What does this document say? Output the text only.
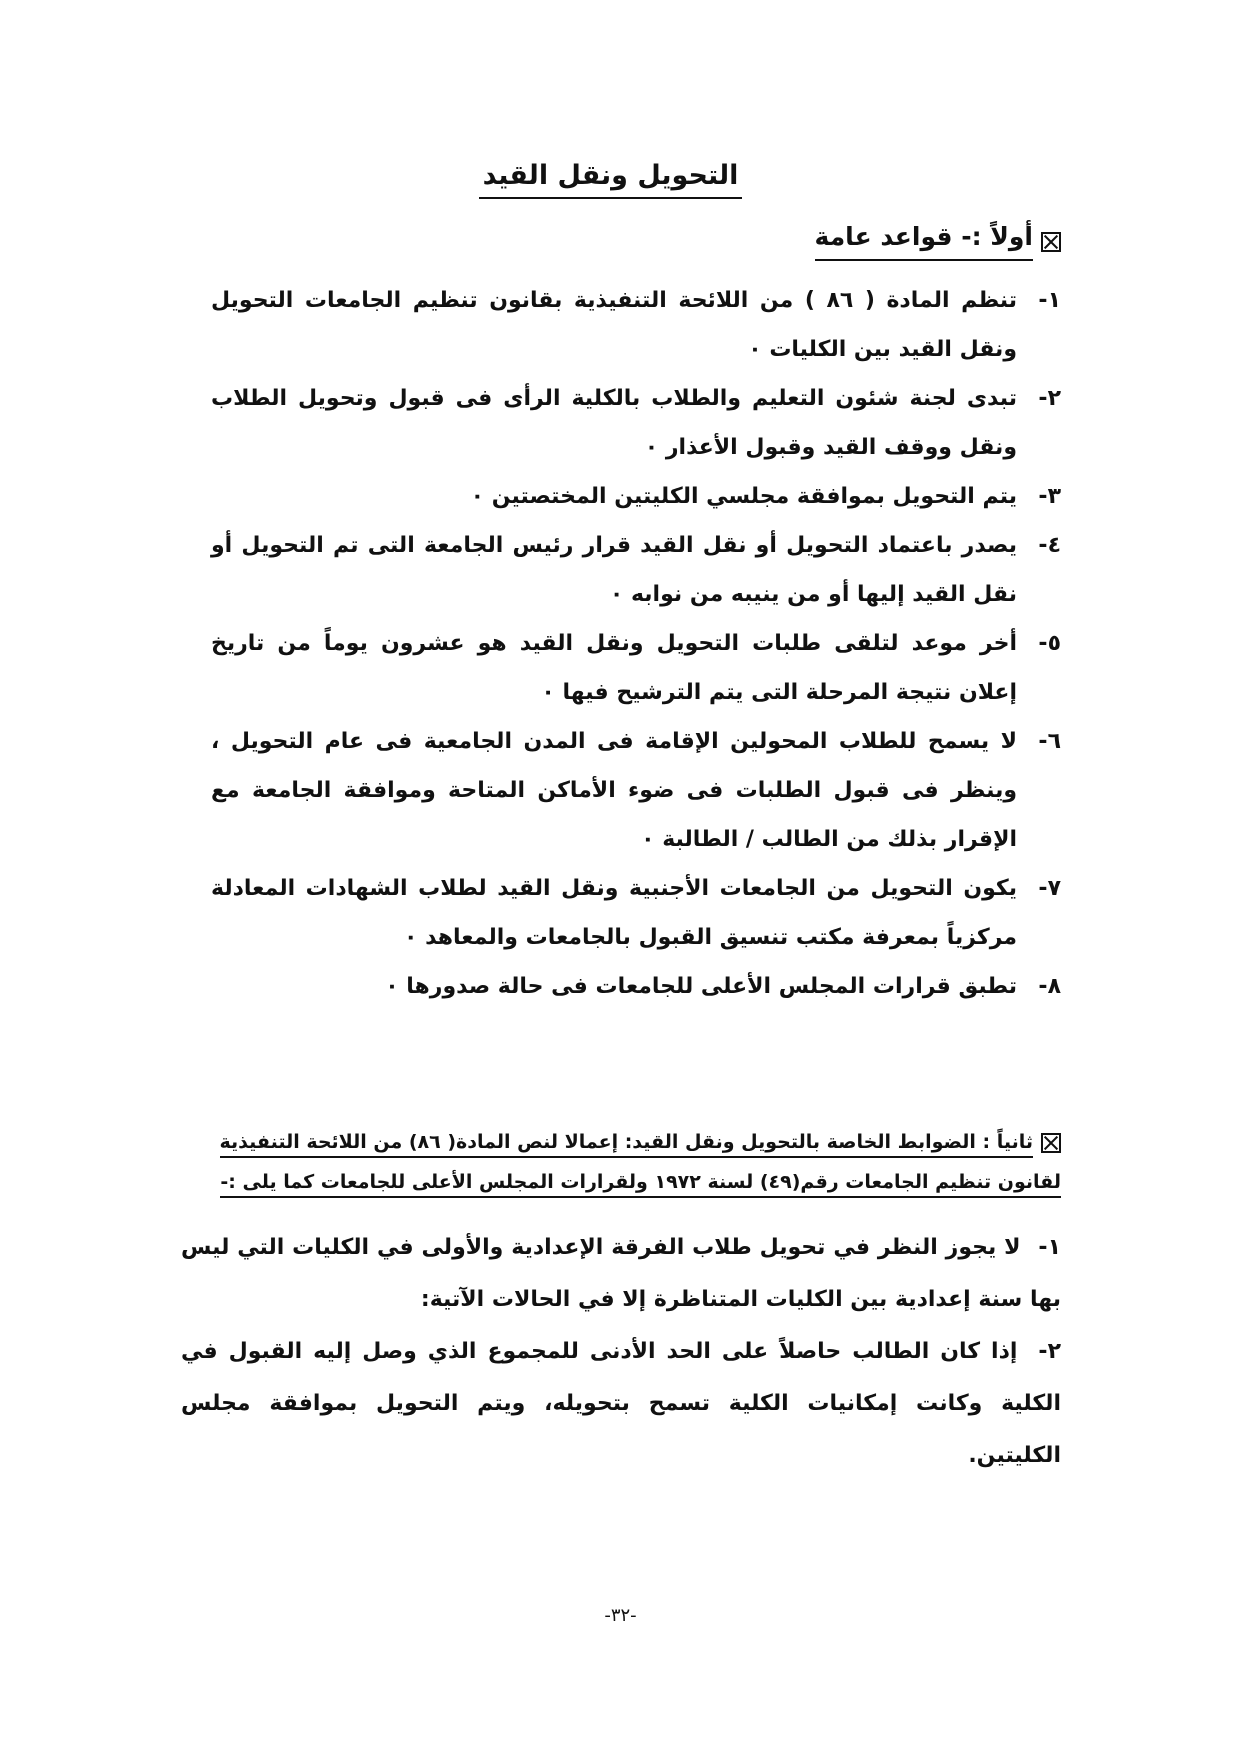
التحويل ونقل القيد
أولاً :- قواعد عامة
١-
تنظم المادة ( ٨٦ ) من اللائحة التنفيذية بقانون تنظيم الجامعات التحويل ونقل القيد بين الكليات ٠
٢-
تبدى لجنة شئون التعليم والطلاب بالكلية الرأى فى قبول وتحويل الطلاب ونقل ووقف القيد وقبول الأعذار ٠
٣-
يتم التحويل بموافقة مجلسي الكليتين المختصتين ٠
٤-
يصدر باعتماد التحويل أو نقل القيد قرار رئيس الجامعة التى تم التحويل أو نقل القيد إليها أو من ينيبه من نوابه ٠
٥-
أخر موعد لتلقى طلبات التحويل ونقل القيد هو عشرون يوماً من تاريخ إعلان نتيجة المرحلة التى يتم الترشيح فيها ٠
٦-
لا يسمح للطلاب المحولين الإقامة فى المدن الجامعية فى عام التحويل ، وينظر فى قبول الطلبات فى ضوء الأماكن المتاحة وموافقة الجامعة مع الإقرار بذلك من الطالب / الطالبة ٠
٧-
يكون التحويل من الجامعات الأجنبية ونقل القيد لطلاب الشهادات المعادلة مركزياً بمعرفة مكتب تنسيق القبول بالجامعات والمعاهد ٠
٨-
تطبق قرارات المجلس الأعلى للجامعات فى حالة صدورها ٠
ثانياً : الضوابط الخاصة بالتحويل ونقل القيد: إعمالا لنص المادة( ٨٦) من اللائحة التنفيذية
لقانون تنظيم الجامعات رقم(٤٩) لسنة ١٩٧٢ ولقرارات المجلس الأعلى للجامعات كما يلى :-
١- لا يجوز النظر في تحويل طلاب الفرقة الإعدادية والأولى في الكليات التي ليس بها سنة إعدادية بين الكليات المتناظرة إلا في الحالات الآتية:
٢- إذا كان الطالب حاصلاً على الحد الأدنى للمجموع الذي وصل إليه القبول في الكلية وكانت إمكانيات الكلية تسمح بتحويله، ويتم التحويل بموافقة مجلس الكليتين.
-٣٢-
